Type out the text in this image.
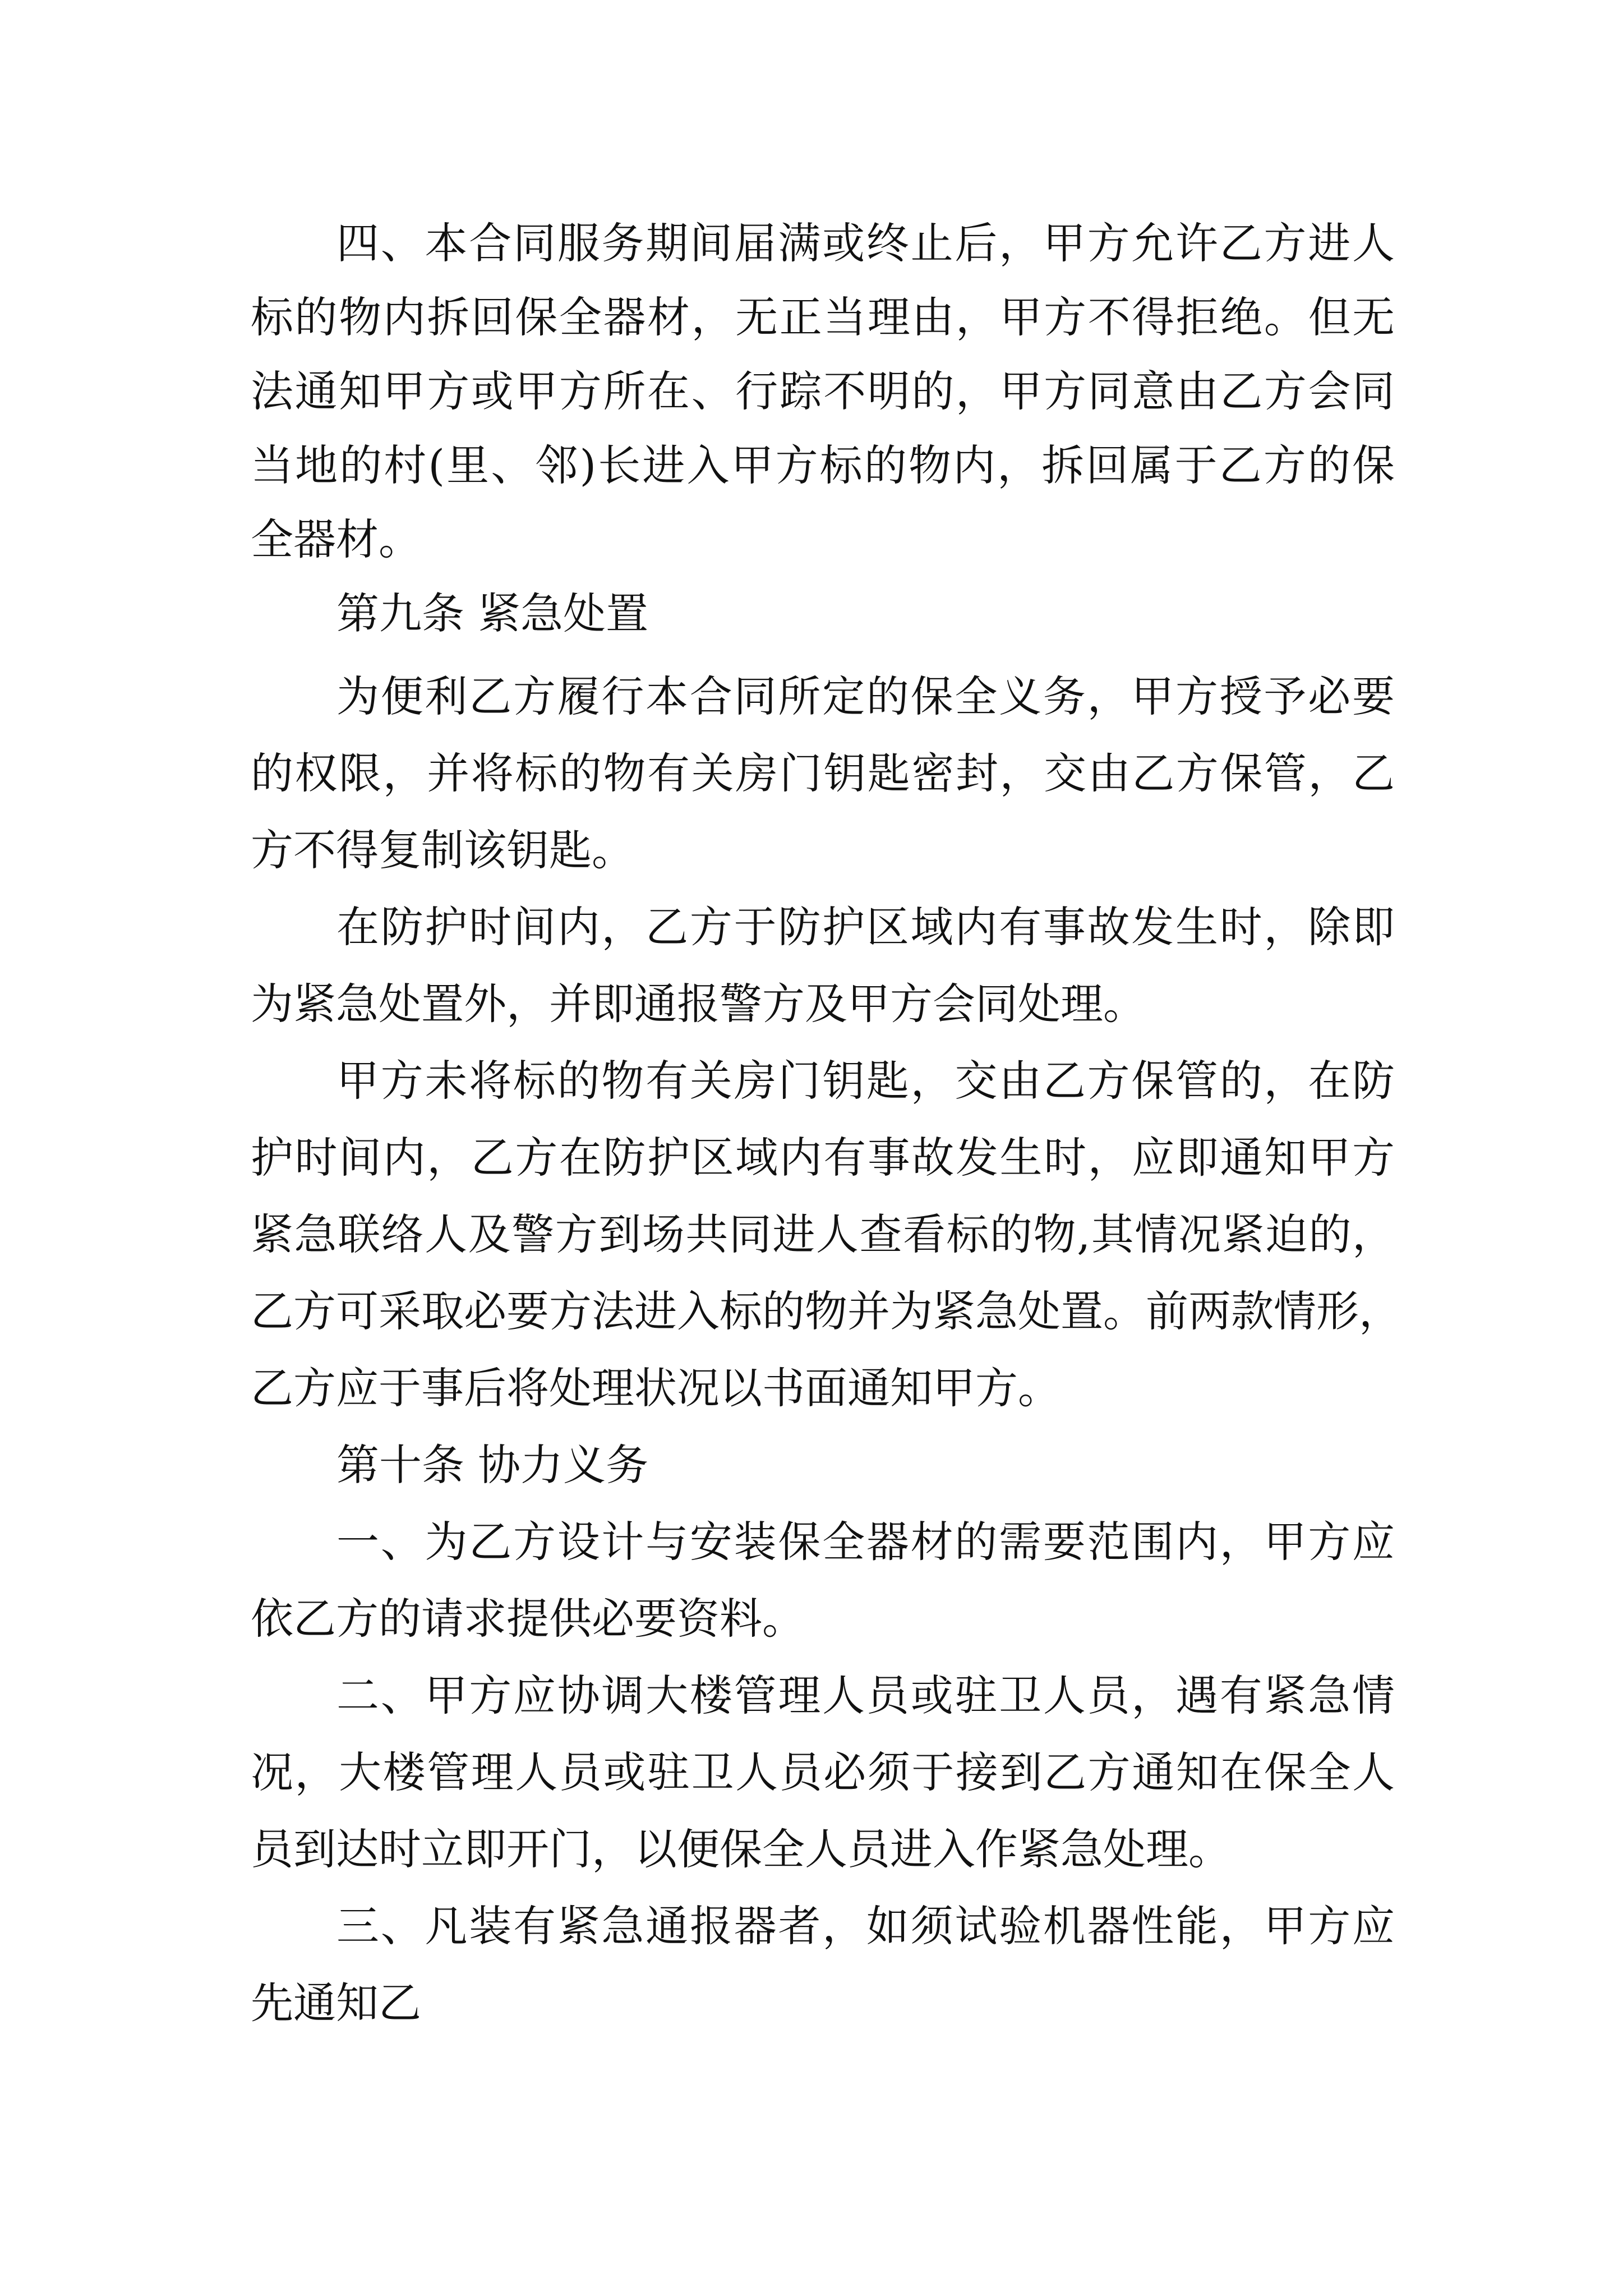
四、本合同服务期间届满或终止后，甲方允许乙方进人
标的物内拆回保全器材，无正当理由，甲方不得拒绝。但无
法通知甲方或甲方所在、行踪不明的，甲方同意由乙方会同
当地的村(里、邻)长进入甲方标的物内，拆回属于乙方的保
全器材。
第九条 紧急处置
为便利乙方履行本合同所定的保全义务，甲方授予必要
的权限，并将标的物有关房门钥匙密封，交由乙方保管，乙
方不得复制该钥匙。
在防护时间内，乙方于防护区域内有事故发生时，除即
为紧急处置外，并即通报警方及甲方会同处理。
甲方未将标的物有关房门钥匙，交由乙方保管的，在防
护时间内，乙方在防护区域内有事故发生时，应即通知甲方
紧急联络人及警方到场共同进人查看标的物,其情况紧迫的，
乙方可采取必要方法进入标的物并为紧急处置。前两款情形，
乙方应于事后将处理状况以书面通知甲方。
第十条 协力义务
一、为乙方设计与安装保全器材的需要范围内，甲方应
依乙方的请求提供必要资料。
二、甲方应协调大楼管理人员或驻卫人员，遇有紧急情
况，大楼管理人员或驻卫人员必须于接到乙方通知在保全人
员到达时立即开门，以便保全人员进入作紧急处理。
三、凡装有紧急通报器者，如须试验机器性能，甲方应
先通知乙
